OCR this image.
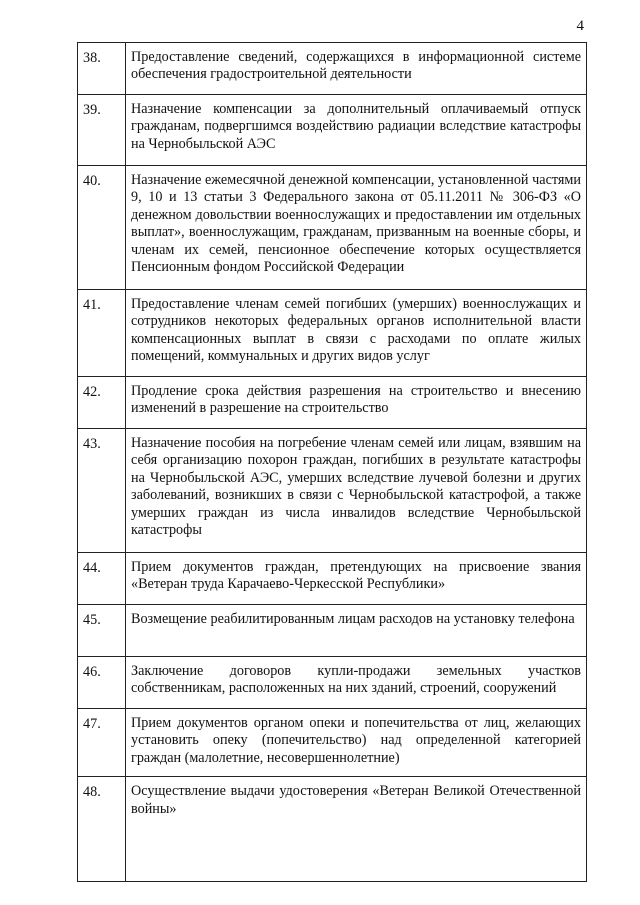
4
38.	Предоставление сведений, содержащихся в информационной системе обеспечения градостроительной деятельности
39.	Назначение компенсации за дополнительный оплачиваемый отпуск гражданам, подвергшимся воздействию радиации вследствие катастрофы на Чернобыльской АЭС
40.	Назначение ежемесячной денежной компенсации, установленной частями 9, 10 и 13 статьи 3 Федерального закона от 05.11.2011 № 306-ФЗ «О денежном довольствии военнослужащих и предоставлении им отдельных выплат», военнослужащим, гражданам, призванным на военные сборы, и членам их семей, пенсионное обеспечение которых осуществляется Пенсионным фондом Российской Федерации
41.	Предоставление членам семей погибших (умерших) военнослужащих и сотрудников некоторых федеральных органов исполнительной власти компенсационных выплат в связи с расходами по оплате жилых помещений, коммунальных и других видов услуг
42.	Продление срока действия разрешения на строительство и внесению изменений в разрешение на строительство
43.	Назначение пособия на погребение членам семей или лицам, взявшим на себя организацию похорон граждан, погибших в результате катастрофы на Чернобыльской АЭС, умерших вследствие лучевой болезни и других заболеваний, возникших в связи с Чернобыльской катастрофой, а также умерших граждан из числа инвалидов вследствие Чернобыльской катастрофы
44.	Прием документов граждан, претендующих на присвоение звания «Ветеран труда Карачаево-Черкесской Республики»
45.	Возмещение реабилитированным лицам расходов на установку телефона
46.	Заключение договоров купли-продажи земельных участков собственникам, расположенных на них зданий, строений, сооружений
47.	Прием документов органом опеки и попечительства от лиц, желающих установить опеку (попечительство) над определенной категорией граждан (малолетние, несовершеннолетние)
48.	Осуществление выдачи удостоверения «Ветеран Великой Отечественной войны»
